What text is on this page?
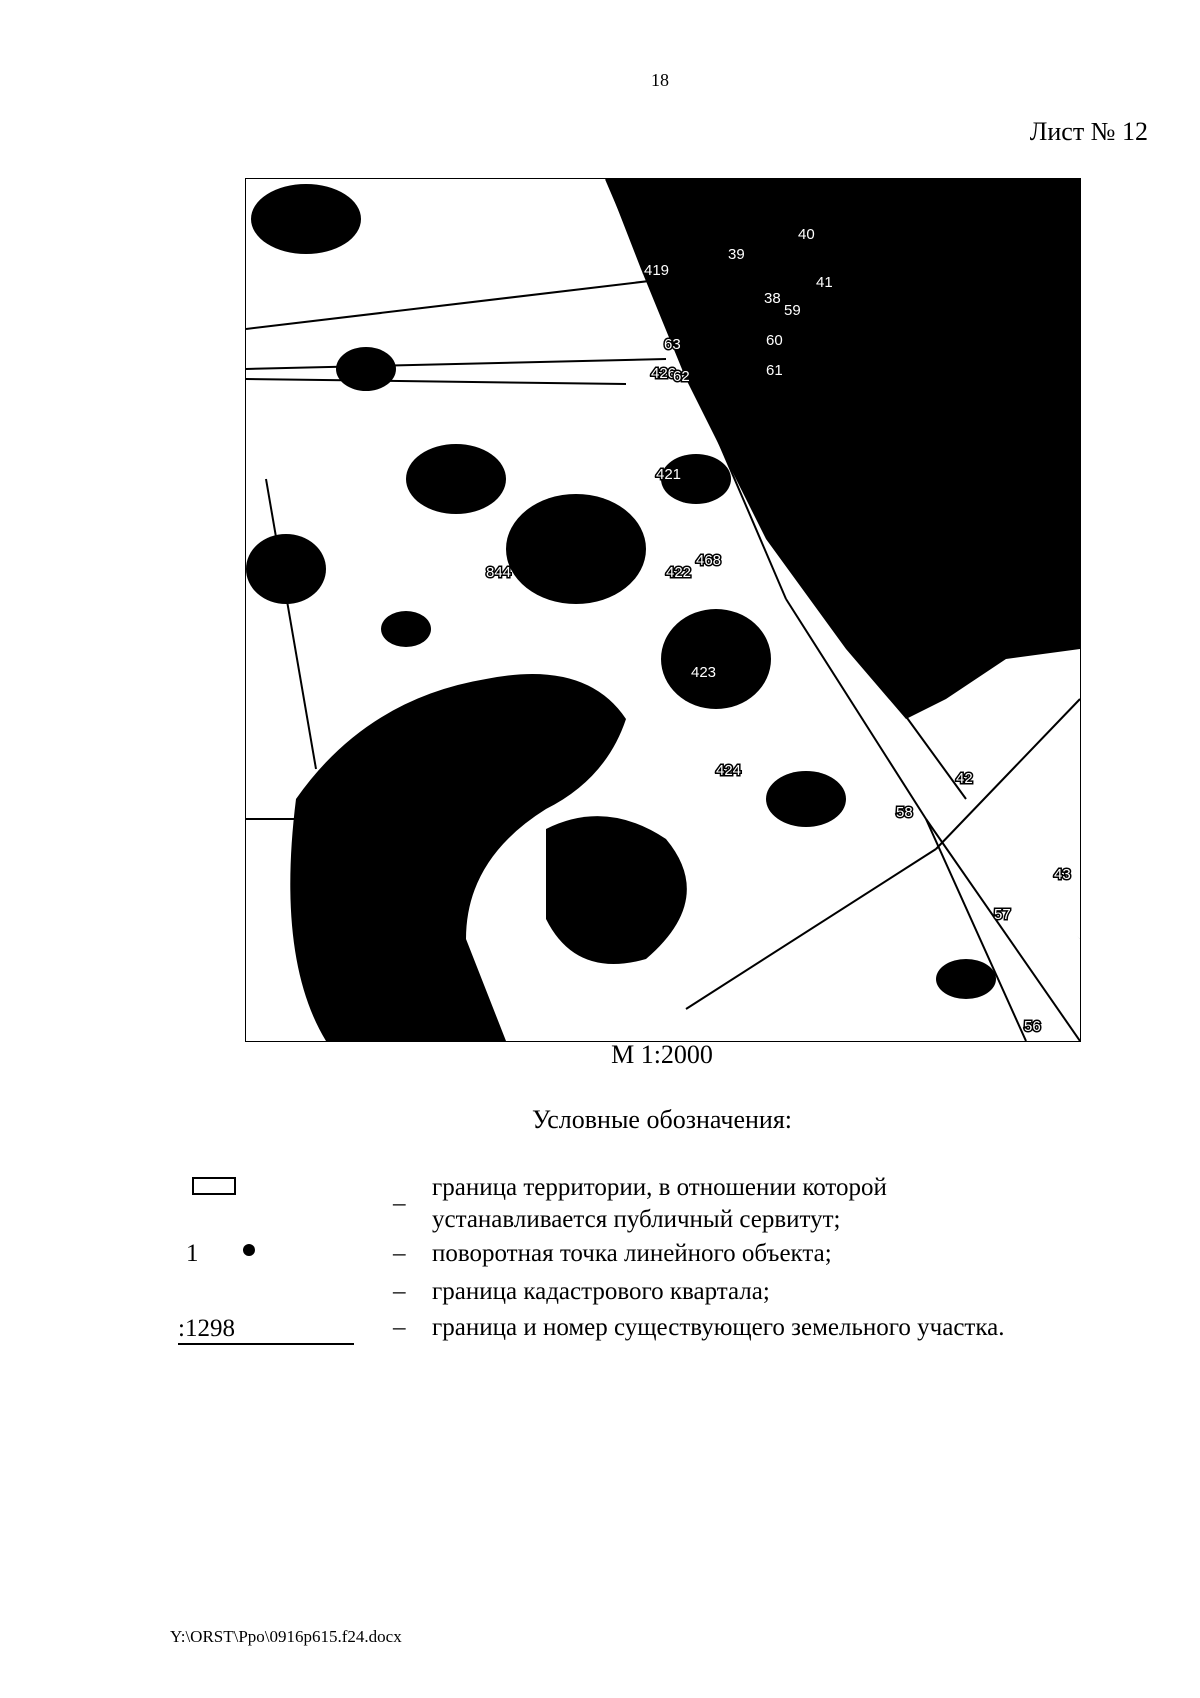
18
Лист № 12
419
63
426
62
421
468
422
844
423
424
39
40
41
38
59
60
61
42
58
43
57
56
М 1:2000
Условные обозначения:
–
граница территории, в отношении которой
устанавливается публичный сервитут;
1	– поворотная точка линейного объекта;
– граница кадастрового квартала;
:1298	– граница и номер существующего земельного участка.
Y:\ORST\Ppo\0916p615.f24.docx
